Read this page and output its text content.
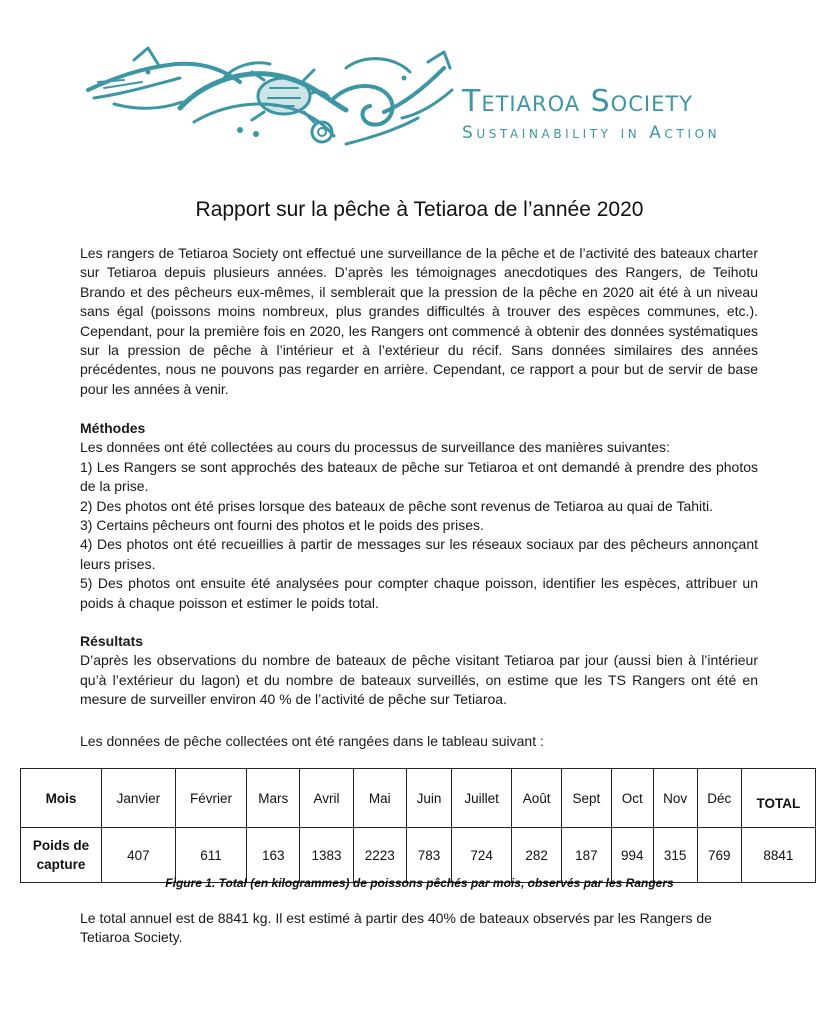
Tetiaroa Society
Sustainability in Action
Rapport sur la pêche à Tetiaroa de l’année 2020

Les rangers de Tetiaroa Society ont effectué une surveillance de la pêche et de l’activité des bateaux charter sur Tetiaroa depuis plusieurs années. D’après les témoignages anecdotiques des Rangers, de Teihotu Brando et des pêcheurs eux-mêmes, il semblerait que la pression de la pêche en 2020 ait été à un niveau sans égal (poissons moins nombreux, plus grandes difficultés à trouver des espèces communes, etc.). Cependant, pour la première fois en 2020, les Rangers ont commencé à obtenir des données systématiques sur la pression de pêche à l’intérieur et à l’extérieur du récif. Sans données similaires des années précédentes, nous ne pouvons pas regarder en arrière. Cependant, ce rapport a pour but de servir de base pour les années à venir.

Méthodes

Les données ont été collectées au cours du processus de surveillance des manières suivantes:

1) Les Rangers se sont approchés des bateaux de pêche sur Tetiaroa et ont demandé à prendre des photos de la prise.

2) Des photos ont été prises lorsque des bateaux de pêche sont revenus de Tetiaroa au quai de Tahiti.

3) Certains pêcheurs ont fourni des photos et le poids des prises.

4) Des photos ont été recueillies à partir de messages sur les réseaux sociaux par des pêcheurs annonçant leurs prises.

5) Des photos ont ensuite été analysées pour compter chaque poisson, identifier les espèces, attribuer un poids à chaque poisson et estimer le poids total.

Résultats

D’après les observations du nombre de bateaux de pêche visitant Tetiaroa par jour (aussi bien à l’intérieur qu’à l’extérieur du lagon) et du nombre de bateaux surveillés, on estime que les TS Rangers ont été en mesure de surveiller environ 40 % de l’activité de pêche sur Tetiaroa.

Les données de pêche collectées ont été rangées dans le tableau suivant :
Mois	Janvier	Février	Mars	Avril	Mai	Juin	Juillet	Août	Sept	Oct	Nov	Déc	TOTAL
Poids de
capture	407	611	163	1383	2223	783	724	282	187	994	315	769	8841
Figure 1. Total (en kilogrammes) de poissons pêchés par mois, observés par les Rangers
Le total annuel est de 8841 kg. Il est estimé à partir des 40% de bateaux observés par les Rangers de Tetiaroa Society.
